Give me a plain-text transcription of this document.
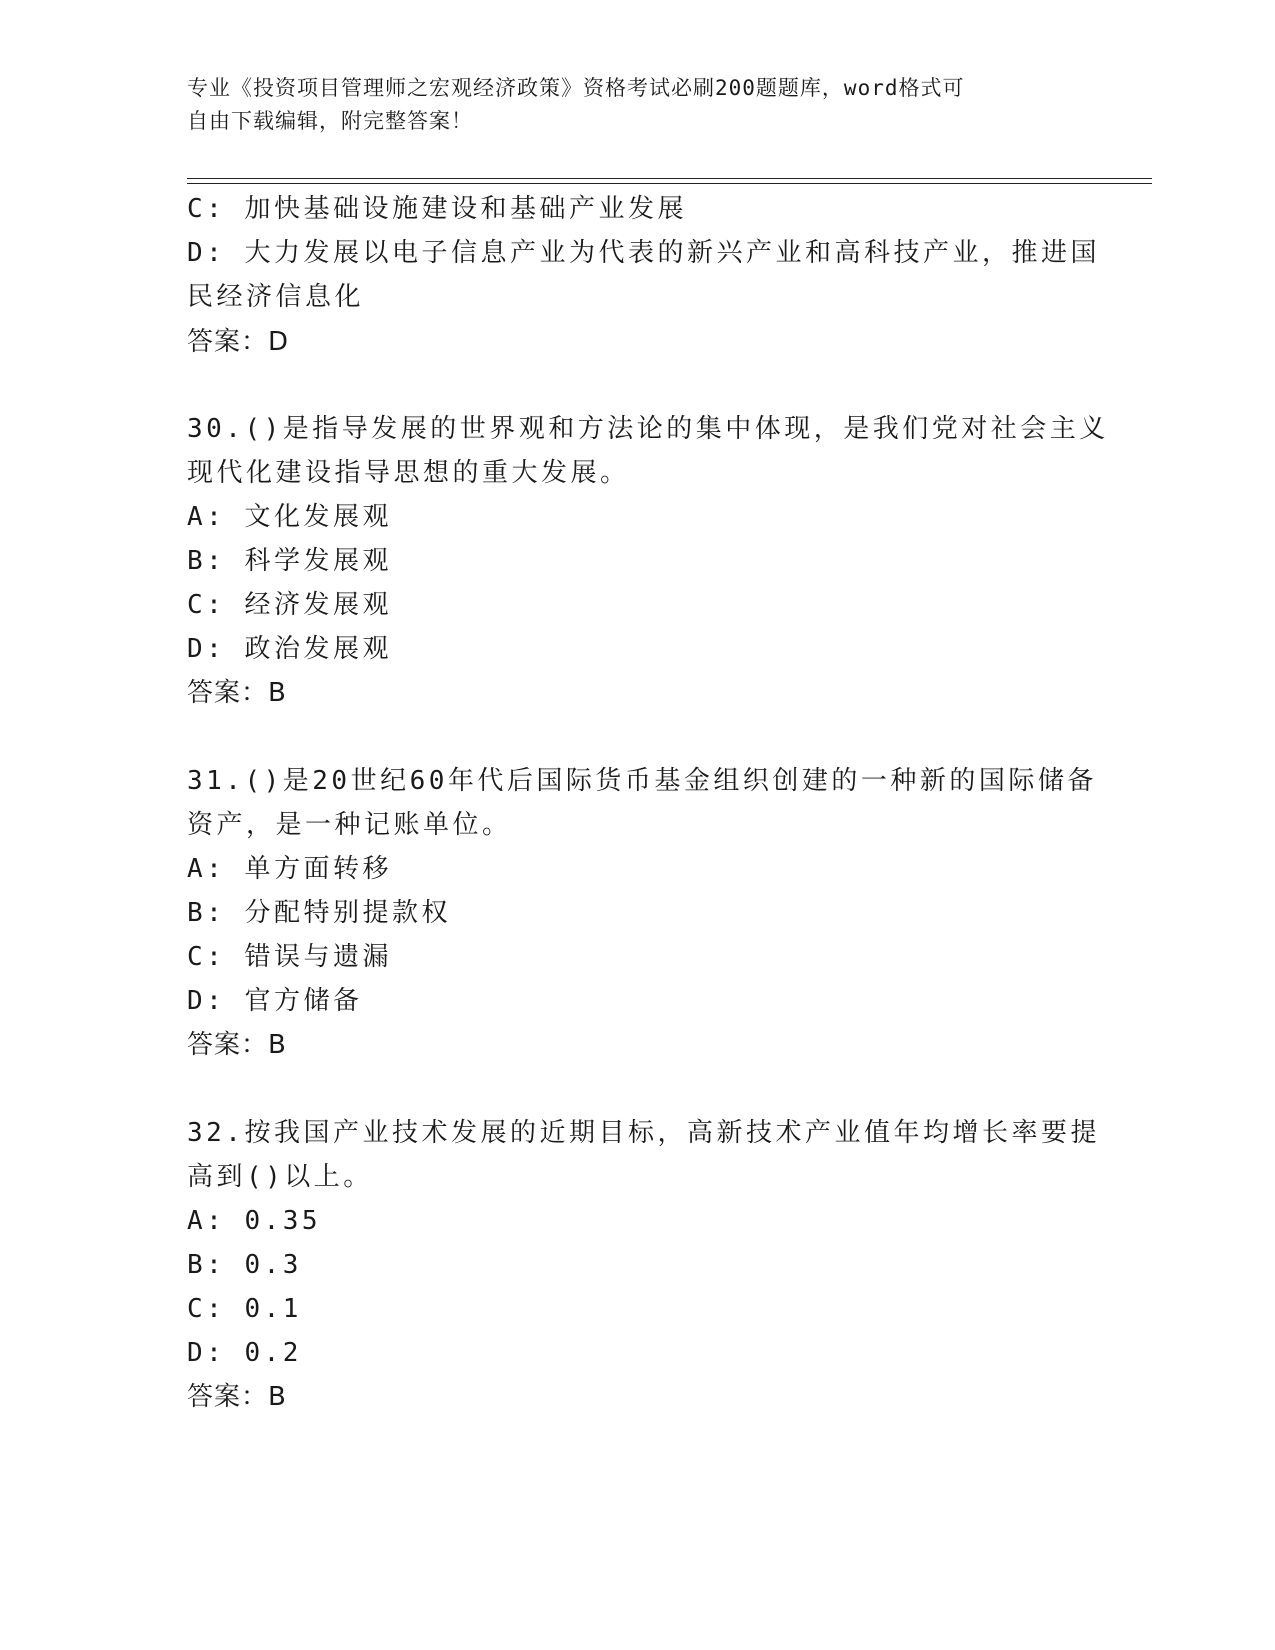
专业《投资项目管理师之宏观经济政策》资格考试必刷200题题库，word格式可
自由下载编辑，附完整答案！
C: 加快基础设施建设和基础产业发展
D: 大力发展以电子信息产业为代表的新兴产业和高科技产业，推进国
民经济信息化
答案：D
30.()是指导发展的世界观和方法论的集中体现，是我们党对社会主义
现代化建设指导思想的重大发展。
A: 文化发展观
B: 科学发展观
C: 经济发展观
D: 政治发展观
答案：B
31.()是20世纪60年代后国际货币基金组织创建的一种新的国际储备
资产，是一种记账单位。
A: 单方面转移
B: 分配特别提款权
C: 错误与遗漏
D: 官方储备
答案：B
32.按我国产业技术发展的近期目标，高新技术产业值年均增长率要提
高到()以上。
A: 0.35
B: 0.3
C: 0.1
D: 0.2
答案：B
